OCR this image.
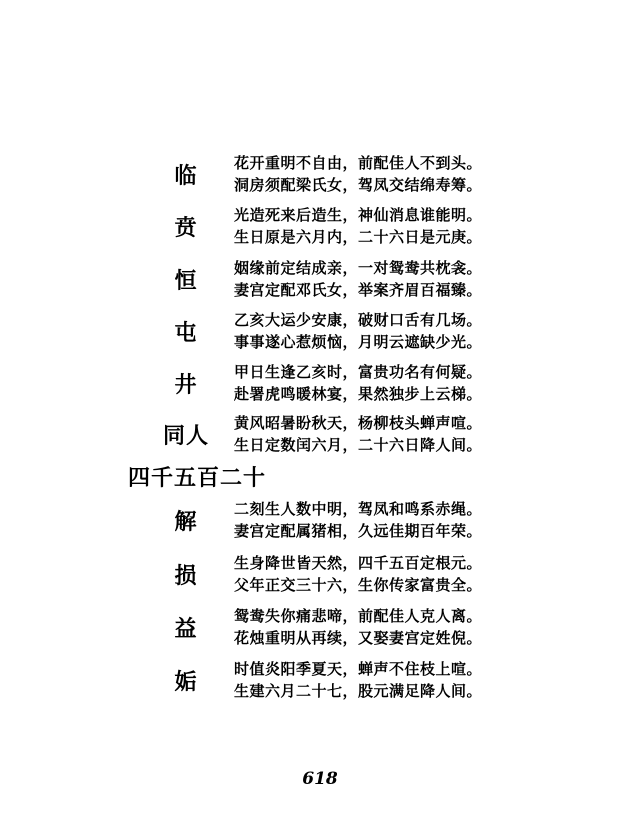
临	花开重明不自由，前配佳人不到头。
洞房须配梁氏女，驾凤交结绵寿筹。
贲	光造死来后造生，神仙消息谁能明。
生日原是六月内，二十六日是元庚。
恒	姻缘前定结成亲，一对鸳鸯共枕衾。
妻宫定配邓氏女，举案齐眉百福臻。
屯	乙亥大运少安康，破财口舌有几场。
事事遂心惹烦恼，月明云遮缺少光。
井	甲日生逢乙亥时，富贵功名有何疑。
赴署虎鸣暖林宴，果然独步上云梯。
同人	黄风昭暑盼秋天，杨柳枝头蝉声喧。
生日定数闰六月，二十六日降人间。
四千五百二十
解	二刻生人数中明，驾凤和鸣系赤绳。
妻宫定配属猪相，久远佳期百年荣。
损	生身降世皆天然，四千五百定根元。
父年正交三十六，生你传家富贵全。
益	鸳鸯失你痛悲啼，前配佳人克人离。
花烛重明从再续，又娶妻宫定姓倪。
姤	时值炎阳季夏天，蝉声不住枝上喧。
生建六月二十七，股元满足降人间。
618
